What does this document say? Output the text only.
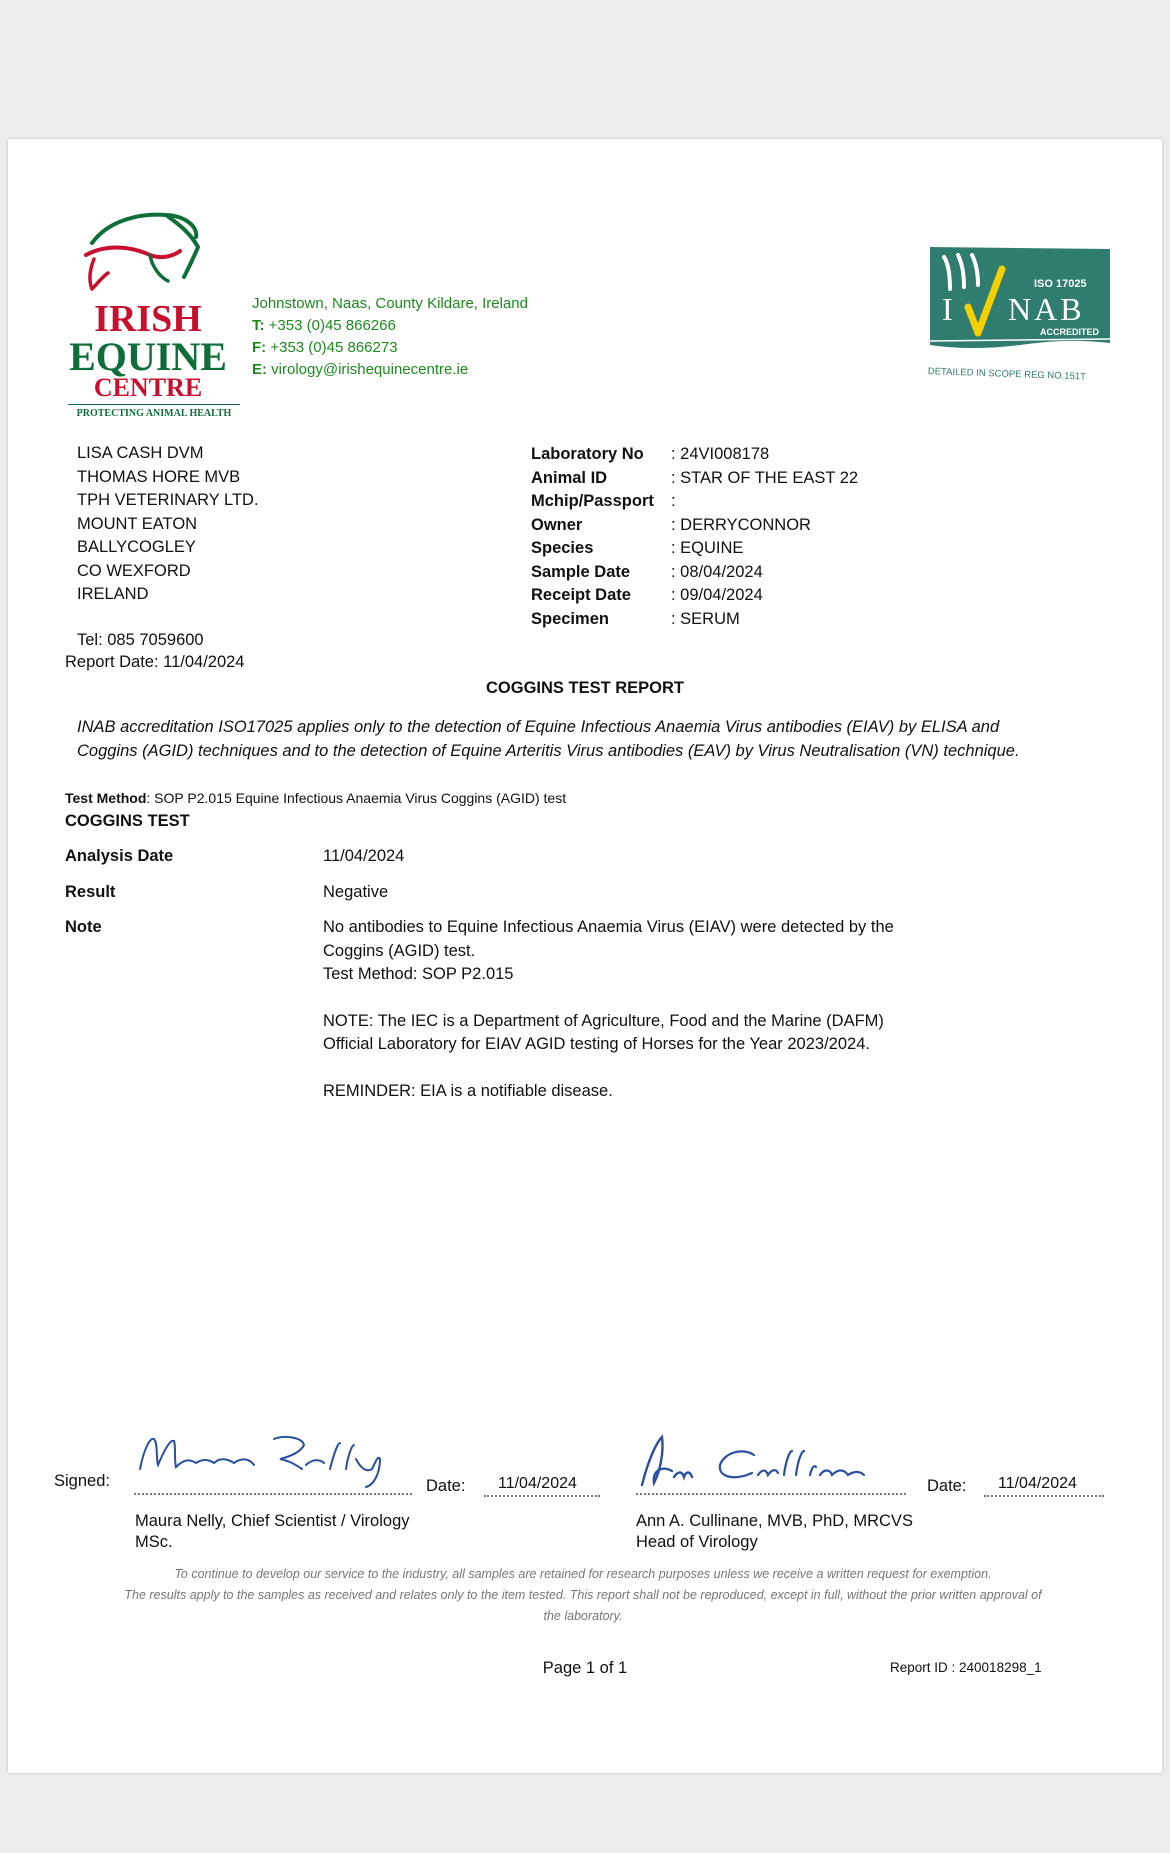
IRISH
EQUINE
CENTRE
PROTECTING ANIMAL HEALTH
Johnstown, Naas, County Kildare, Ireland
T: +353 (0)45 866266
F: +353 (0)45 866273
E: virology@irishequinecentre.ie
ISO 17025
I NAB
ACCREDITED
TESTING
DETAILED IN SCOPE REG NO.151T
LISA CASH DVM
THOMAS HORE MVB
TPH VETERINARY LTD.
MOUNT EATON
BALLYCOGLEY
CO WEXFORD
IRELAND
Tel: 085 7059600
Report Date: 11/04/2024
Laboratory No	: 24VI008178
Animal ID	: STAR OF THE EAST 22
Mchip/Passport	:
Owner	: DERRYCONNOR
Species	: EQUINE
Sample Date	: 08/04/2024
Receipt Date	: 09/04/2024
Specimen	: SERUM
COGGINS TEST REPORT
INAB accreditation ISO17025 applies only to the detection of Equine Infectious Anaemia Virus antibodies (EIAV) by ELISA and Coggins (AGID) techniques and to the detection of Equine Arteritis Virus antibodies (EAV) by Virus Neutralisation (VN) technique.
Test Method: SOP P2.015 Equine Infectious Anaemia Virus Coggins (AGID) test
COGGINS TEST
Analysis Date	11/04/2024
Result	Negative
Note	No antibodies to Equine Infectious Anaemia Virus (EIAV) were detected by the Coggins (AGID) test.
Test Method: SOP P2.015
NOTE: The IEC is a Department of Agriculture, Food and the Marine (DAFM) Official Laboratory for EIAV AGID testing of Horses for the Year 2023/2024.
REMINDER: EIA is a notifiable disease.
Signed:	Date: 11/04/2024
Maura Nelly, Chief Scientist / Virology
MSc.
Date: 11/04/2024
Ann A. Cullinane, MVB, PhD, MRCVS
Head of Virology
To continue to develop our service to the industry, all samples are retained for research purposes unless we receive a written request for exemption.
The results apply to the samples as received and relates only to the item tested. This report shall not be reproduced, except in full, without the prior written approval of the laboratory.
Page 1 of 1	Report ID : 240018298_1
